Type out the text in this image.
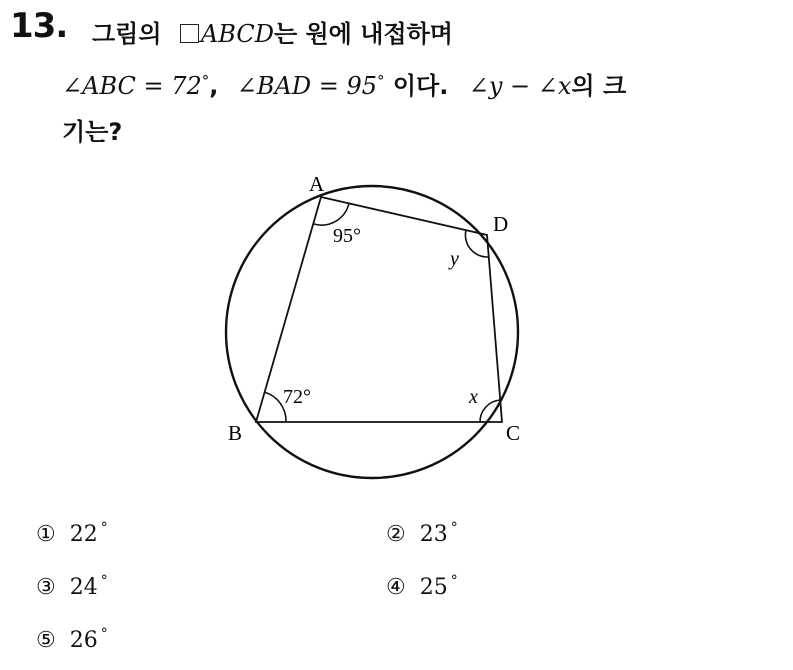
13. 그림의 ABCD는 원에 내접하며
∠ABC = 72°, ∠BAD = 95° 이다. ∠y − ∠x의 크
기는?
A
D
B	C
95°
72°
y
x
① 22 °	② 23 °
③ 24 °	④ 25 °
⑤ 26 °
